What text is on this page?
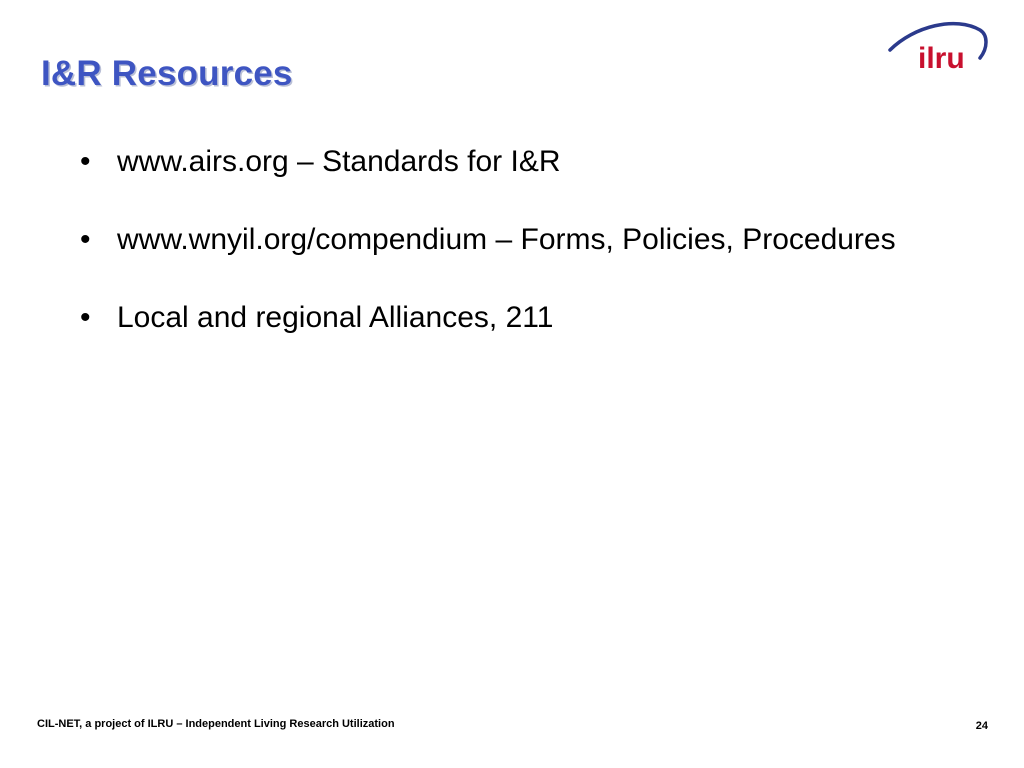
I&R Resources	ilru
• www.airs.org – Standards for I&R
• www.wnyil.org/compendium – Forms, Policies, Procedures
• Local and regional Alliances, 211
CIL-NET, a project of ILRU – Independent Living Research Utilization	24
